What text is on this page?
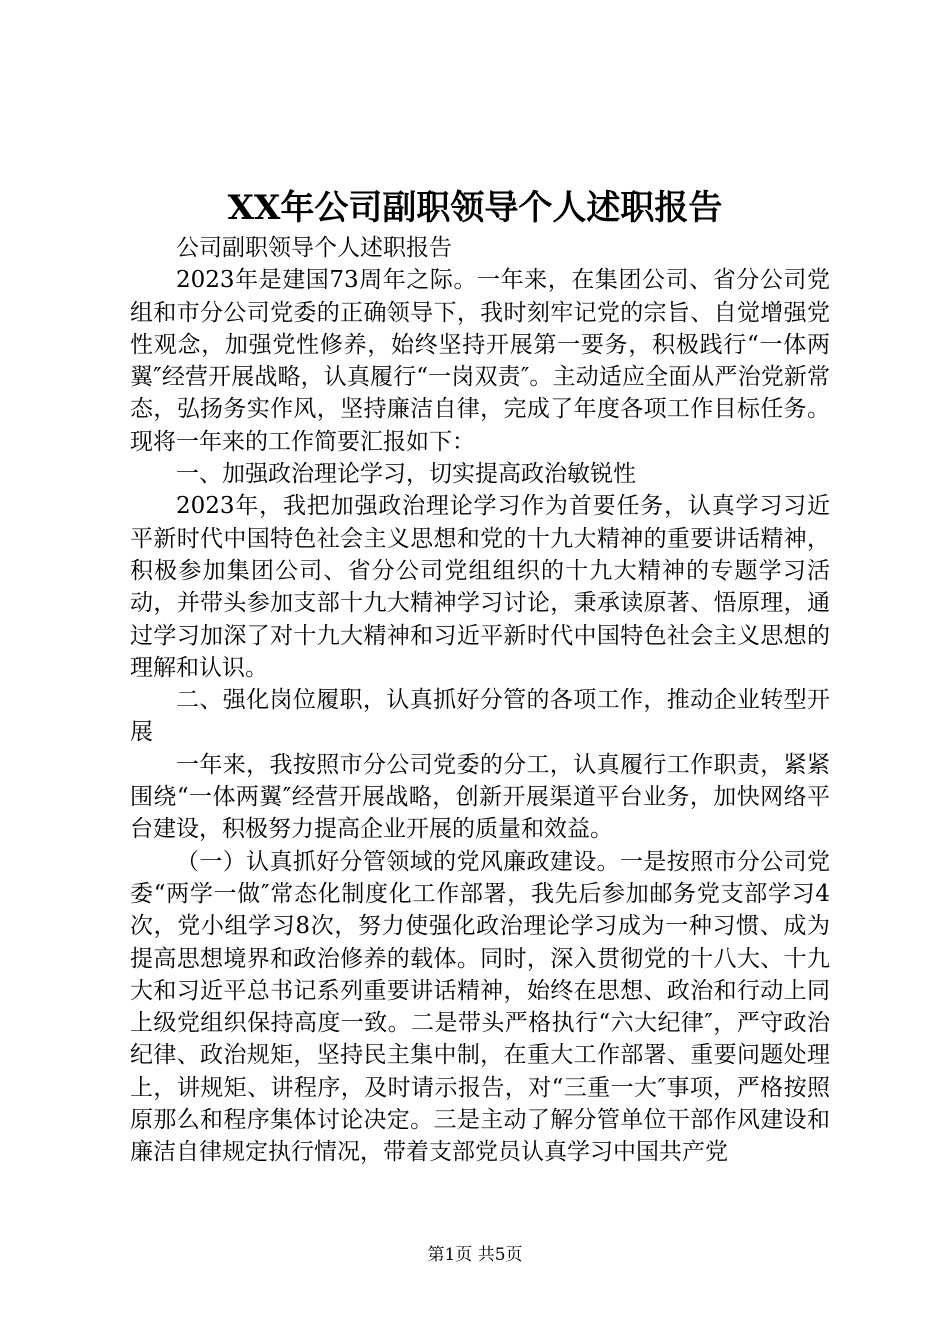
XX年公司副职领导个人述职报告

公司副职领导个人述职报告

2023年是建国73周年之际。一年来，在集团公司、省分公司党组和市分公司党委的正确领导下，我时刻牢记党的宗旨、自觉增强党性观念，加强党性修养，始终坚持开展第一要务，积极践行“一体两翼″经营开展战略，认真履行“一岗双责″。主动适应全面从严治党新常态，弘扬务实作风，坚持廉洁自律，完成了年度各项工作目标任务。现将一年来的工作简要汇报如下：

一、加强政治理论学习，切实提高政治敏锐性

2023年，我把加强政治理论学习作为首要任务，认真学习习近平新时代中国特色社会主义思想和党的十九大精神的重要讲话精神，积极参加集团公司、省分公司党组组织的十九大精神的专题学习活动，并带头参加支部十九大精神学习讨论，秉承读原著、悟原理，通过学习加深了对十九大精神和习近平新时代中国特色社会主义思想的理解和认识。

二、强化岗位履职，认真抓好分管的各项工作，推动企业转型开展

一年来，我按照市分公司党委的分工，认真履行工作职责，紧紧围绕“一体两翼″经营开展战略，创新开展渠道平台业务，加快网络平台建设，积极努力提高企业开展的质量和效益。

（一）认真抓好分管领域的党风廉政建设。一是按照市分公司党委“两学一做″常态化制度化工作部署，我先后参加邮务党支部学习4次，党小组学习8次，努力使强化政治理论学习成为一种习惯、成为提高思想境界和政治修养的载体。同时，深入贯彻党的十八大、十九大和习近平总书记系列重要讲话精神，始终在思想、政治和行动上同上级党组织保持高度一致。二是带头严格执行“六大纪律″，严守政治纪律、政治规矩，坚持民主集中制，在重大工作部署、重要问题处理上，讲规矩、讲程序，及时请示报告，对“三重一大″事项，严格按照原那么和程序集体讨论决定。三是主动了解分管单位干部作风建设和廉洁自律规定执行情况，带着支部党员认真学习中国共产党

第1页 共5页
